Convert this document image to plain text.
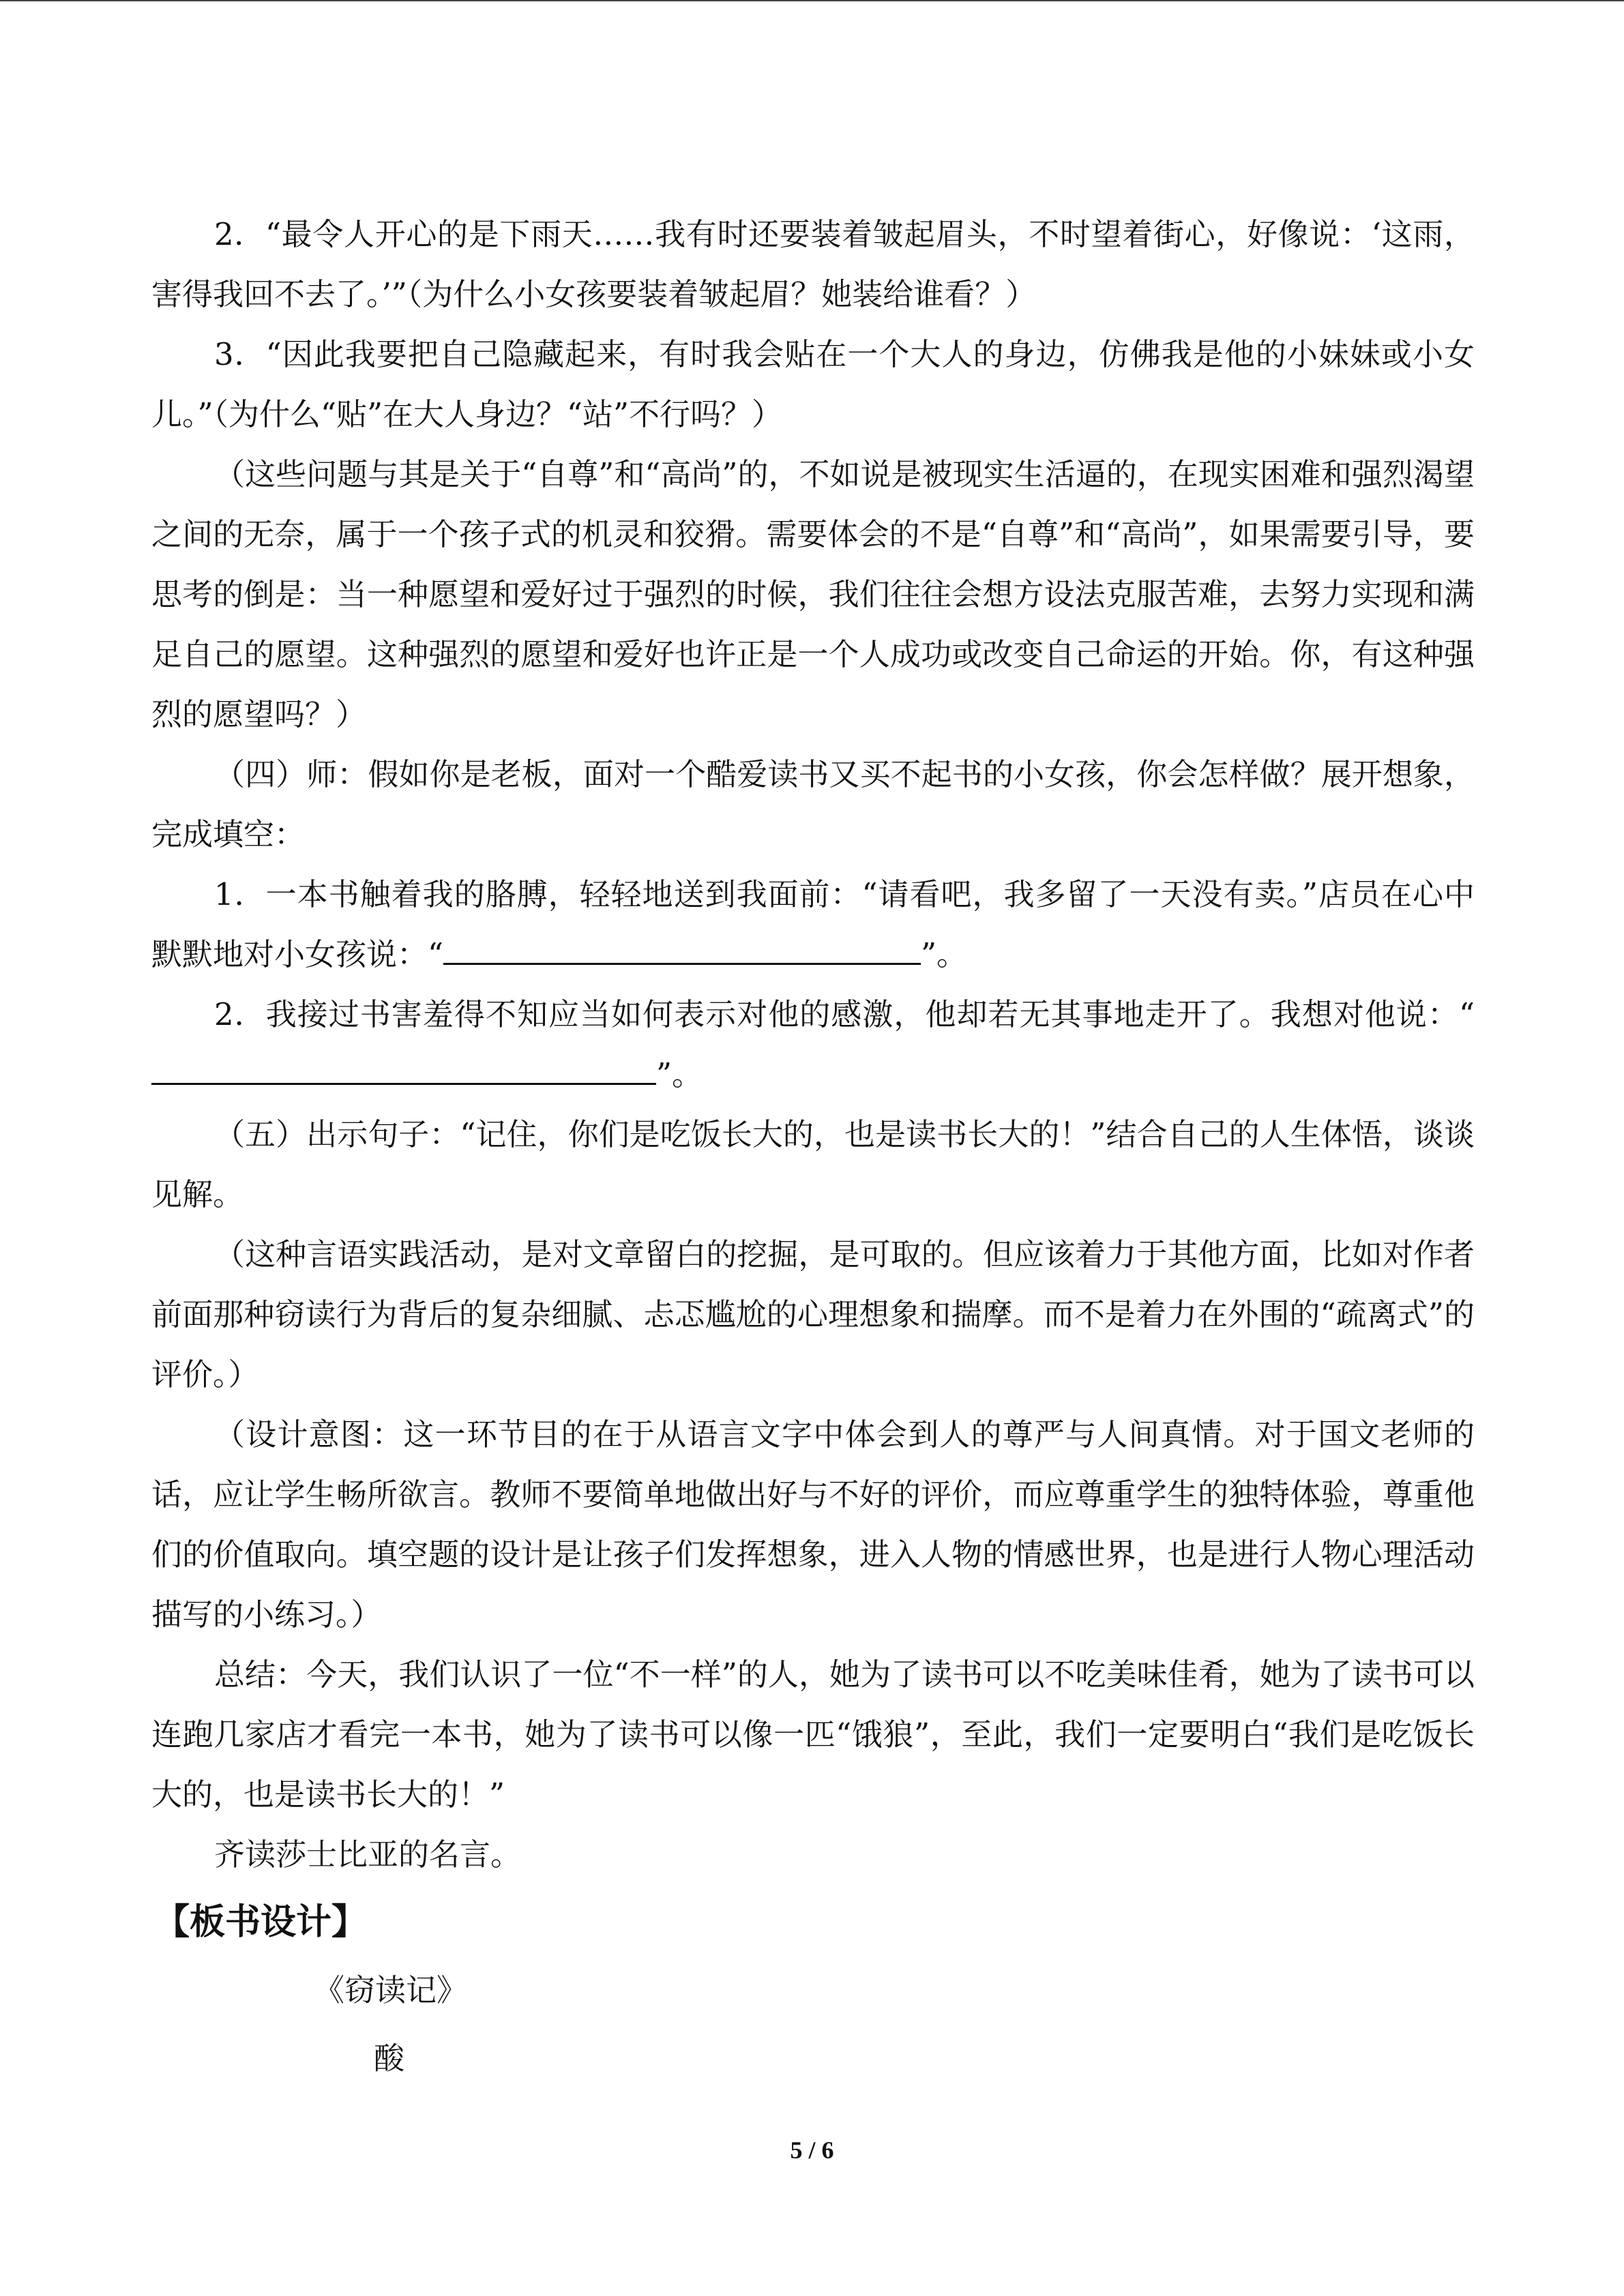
2．“最令人开心的是下雨天……我有时还要装着皱起眉头，不时望着街心，好像说：‘这雨，害得我回不去了。’”（为什么小女孩要装着皱起眉？她装给谁看？）

3．“因此我要把自己隐藏起来，有时我会贴在一个大人的身边，仿佛我是他的小妹妹或小女儿。”（为什么“贴”在大人身边？“站”不行吗？）

（这些问题与其是关于“自尊”和“高尚”的，不如说是被现实生活逼的，在现实困难和强烈渴望之间的无奈，属于一个孩子式的机灵和狡猾。需要体会的不是“自尊”和“高尚”，如果需要引导，要思考的倒是：当一种愿望和爱好过于强烈的时候，我们往往会想方设法克服苦难，去努力实现和满足自己的愿望。这种强烈的愿望和爱好也许正是一个人成功或改变自己命运的开始。你，有这种强烈的愿望吗？）

（四）师：假如你是老板，面对一个酷爱读书又买不起书的小女孩，你会怎样做？展开想象，完成填空：

1．一本书触着我的胳膊，轻轻地送到我面前：“请看吧，我多留了一天没有卖。”店员在心中默默地对小女孩说：“	”。

2．我接过书害羞得不知应当如何表示对他的感激，他却若无其事地走开了。我想对他说：“”。

（五）出示句子：“记住，你们是吃饭长大的，也是读书长大的！”结合自己的人生体悟，谈谈见解。

（这种言语实践活动，是对文章留白的挖掘，是可取的。但应该着力于其他方面，比如对作者前面那种窃读行为背后的复杂细腻、忐忑尴尬的心理想象和揣摩。而不是着力在外围的“疏离式”的评价。）

（设计意图：这一环节目的在于从语言文字中体会到人的尊严与人间真情。对于国文老师的话，应让学生畅所欲言。教师不要简单地做出好与不好的评价，而应尊重学生的独特体验，尊重他们的价值取向。填空题的设计是让孩子们发挥想象，进入人物的情感世界，也是进行人物心理活动描写的小练习。）

总结：今天，我们认识了一位“不一样”的人，她为了读书可以不吃美味佳肴，她为了读书可以连跑几家店才看完一本书，她为了读书可以像一匹“饿狼”，至此，我们一定要明白“我们是吃饭长大的，也是读书长大的！”

齐读莎士比亚的名言。

【板书设计】

《窃读记》
酸
5 / 6
